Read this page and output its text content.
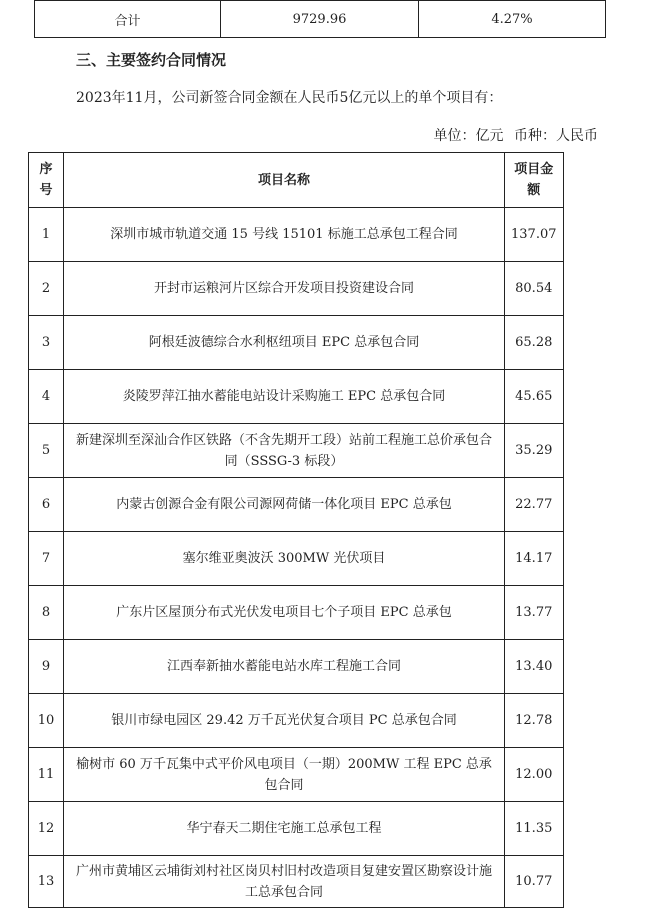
合计	9729.96	4.27%
三、主要签约合同情况
2023年11月，公司新签合同金额在人民币5亿元以上的单个项目有：
单位：亿元 币种：人民币
序号	项目名称	项目金额
1	深圳市城市轨道交通 15 号线 15101 标施工总承包工程合同	137.07
2	开封市运粮河片区综合开发项目投资建设合同	80.54
3	阿根廷波德综合水利枢纽项目 EPC 总承包合同	65.28
4	炎陵罗萍江抽水蓄能电站设计采购施工 EPC 总承包合同	45.65
5	新建深圳至深汕合作区铁路（不含先期开工段）站前工程施工总价承包合同（SSSG-3 标段）	35.29
6	内蒙古创源合金有限公司源网荷储一体化项目 EPC 总承包	22.77
7	塞尔维亚奥波沃 300MW 光伏项目	14.17
8	广东片区屋顶分布式光伏发电项目七个子项目 EPC 总承包	13.77
9	江西奉新抽水蓄能电站水库工程施工合同	13.40
10	银川市绿电园区 29.42 万千瓦光伏复合项目 PC 总承包合同	12.78
11	榆树市 60 万千瓦集中式平价风电项目（一期）200MW 工程 EPC 总承包合同	12.00
12	华宁春天二期住宅施工总承包工程	11.35
13	广州市黄埔区云埔街刘村社区岗贝村旧村改造项目复建安置区勘察设计施工总承包合同	10.77
